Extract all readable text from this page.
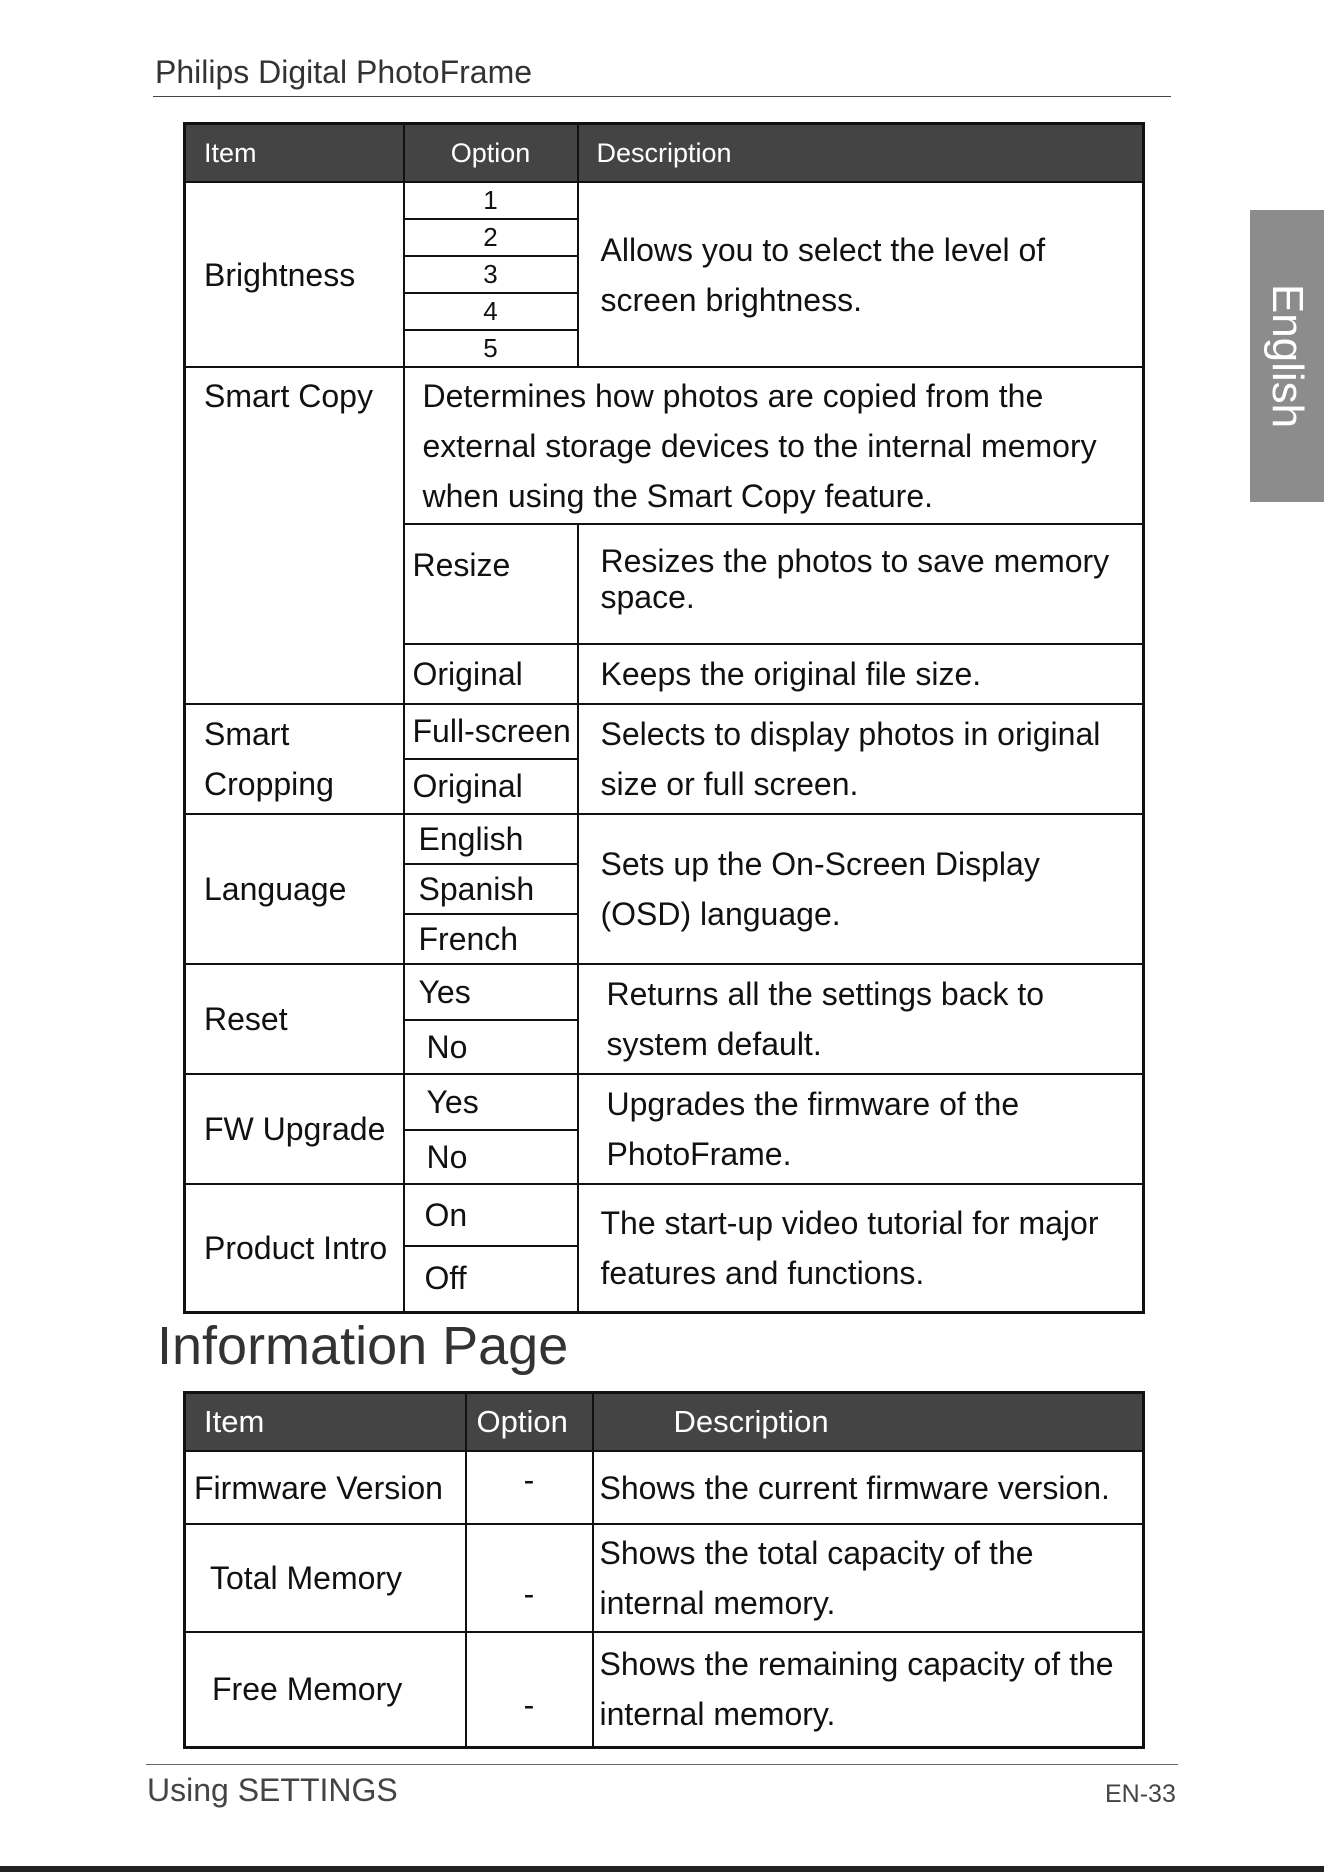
Philips Digital PhotoFrame
English
Item	Option	Description
Brightness	1	Allows you to select the level of screen brightness.
	2	
	3	
	4	
	5	
Smart Copy	Determines how photos are copied from the external storage devices to the internal memory when using the Smart Copy feature.	
	Resize	Resizes the photos to save memory space.
	Original	Keeps the original file size.
Smart Cropping	Full-screen	Selects to display photos in original size or full screen.
	Original	
Language	English	Sets up the On-Screen Display (OSD) language.
	Spanish	
	French	
Reset	Yes	Returns all the settings back to system default.
	No	
FW Upgrade	Yes	Upgrades the firmware of the PhotoFrame.
	No	
Product Intro	On	The start-up video tutorial for major features and functions.
	Off	
Information Page
Item	Option	Description
Firmware Version	-	Shows the current firmware version.
Total Memory	-	Shows the total capacity of the internal memory.
Free Memory	-	Shows the remaining capacity of the internal memory.
Using SETTINGS	EN-33
